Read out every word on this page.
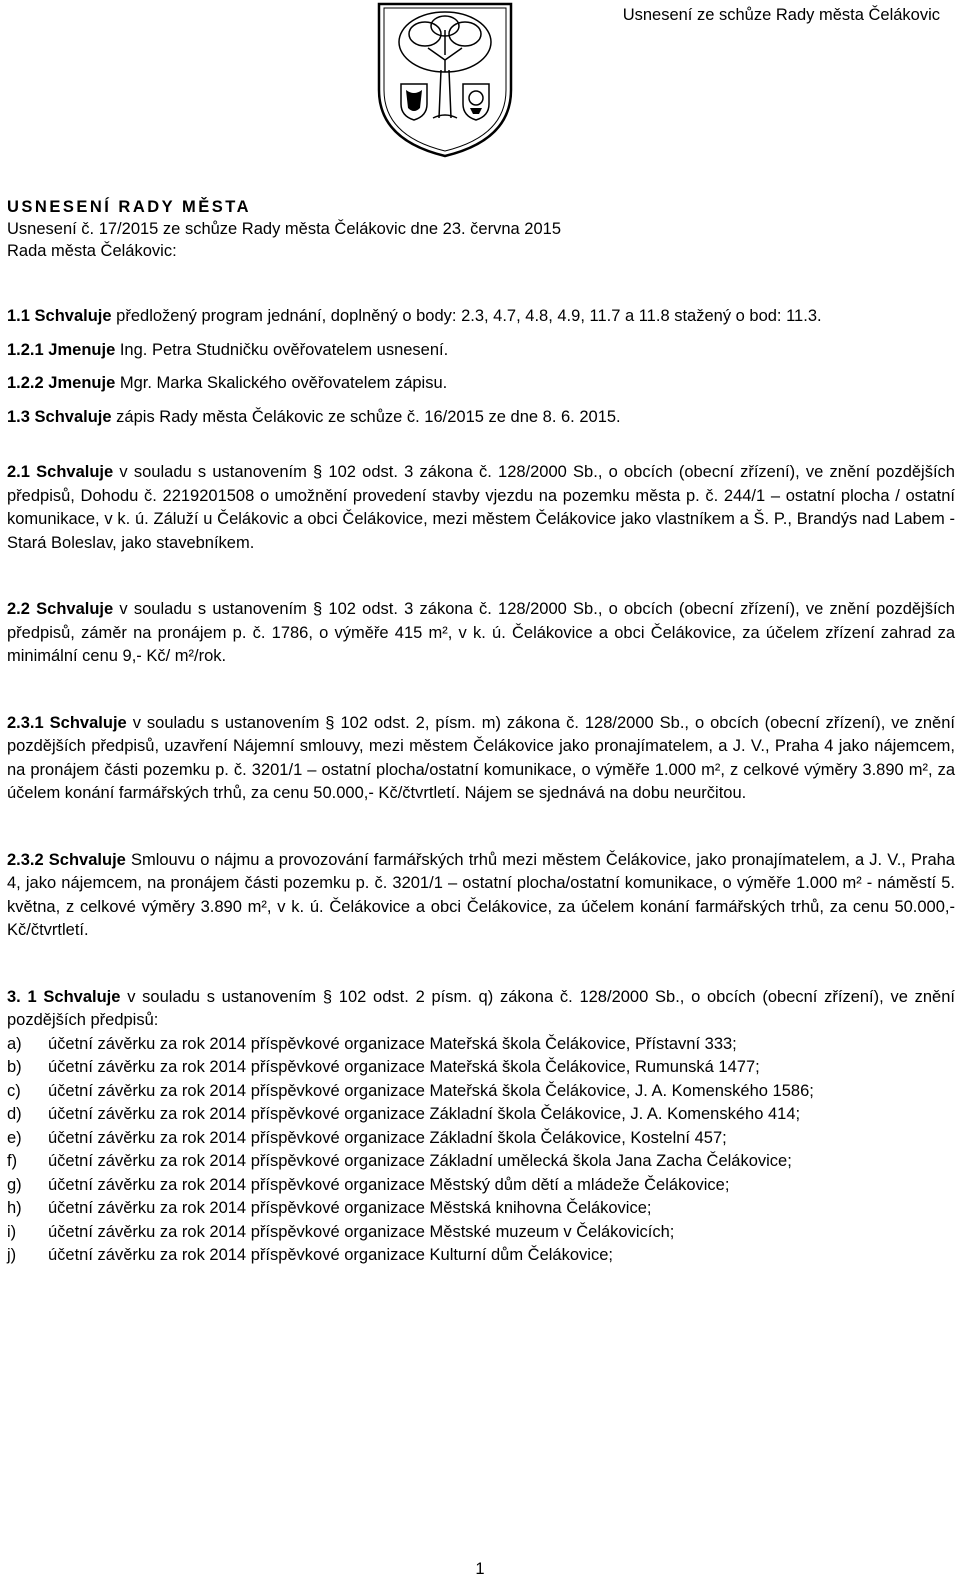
Usnesení ze schůze Rady města Čelákovic
USNESENÍ RADY MĚSTA
Usnesení č. 17/2015 ze schůze Rady města Čelákovic dne 23. června 2015
Rada města Čelákovic:

1.1 Schvaluje předložený program jednání, doplněný o body: 2.3, 4.7, 4.8, 4.9, 11.7 a 11.8 stažený o bod: 11.3.

1.2.1 Jmenuje Ing. Petra Studničku ověřovatelem usnesení.

1.2.2 Jmenuje Mgr. Marka Skalického ověřovatelem zápisu.

1.3 Schvaluje zápis Rady města Čelákovic ze schůze č. 16/2015 ze dne 8. 6. 2015.

2.1 Schvaluje v souladu s ustanovením § 102 odst. 3 zákona č. 128/2000 Sb., o obcích (obecní zřízení), ve znění pozdějších předpisů, Dohodu č. 2219201508 o umožnění provedení stavby vjezdu na pozemku města p. č. 244/1 – ostatní plocha / ostatní komunikace, v k. ú. Záluží u Čelákovic a obci Čelákovice, mezi městem Čelákovice jako vlastníkem a Š. P., Brandýs nad Labem - Stará Boleslav, jako stavebníkem.

2.2 Schvaluje v souladu s ustanovením § 102 odst. 3 zákona č. 128/2000 Sb., o obcích (obecní zřízení), ve znění pozdějších předpisů, záměr na pronájem p. č. 1786, o výměře 415 m², v k. ú. Čelákovice a obci Čelákovice, za účelem zřízení zahrad za minimální cenu 9,- Kč/ m²/rok.

2.3.1 Schvaluje v souladu s ustanovením § 102 odst. 2, písm. m) zákona č. 128/2000 Sb., o obcích (obecní zřízení), ve znění pozdějších předpisů, uzavření Nájemní smlouvy, mezi městem Čelákovice jako pronajímatelem, a J. V., Praha 4 jako nájemcem, na pronájem části pozemku p. č. 3201/1 – ostatní plocha/ostatní komunikace, o výměře 1.000 m², z celkové výměry 3.890 m², za účelem konání farmářských trhů, za cenu 50.000,- Kč/čtvrtletí. Nájem se sjednává na dobu neurčitou.

2.3.2 Schvaluje Smlouvu o nájmu a provozování farmářských trhů mezi městem Čelákovice, jako pronajímatelem, a J. V., Praha 4, jako nájemcem, na pronájem části pozemku p. č. 3201/1 – ostatní plocha/ostatní komunikace, o výměře 1.000 m² - náměstí 5. května, z celkové výměry 3.890 m², v k. ú. Čelákovice a obci Čelákovice, za účelem konání farmářských trhů, za cenu 50.000,- Kč/čtvrtletí.

3. 1 Schvaluje v souladu s ustanovením § 102 odst. 2 písm. q) zákona č. 128/2000 Sb., o obcích (obecní zřízení), ve znění pozdějších předpisů:

a) účetní závěrku za rok 2014 příspěvkové organizace Mateřská škola Čelákovice, Přístavní 333;
b) účetní závěrku za rok 2014 příspěvkové organizace Mateřská škola Čelákovice, Rumunská 1477;
c) účetní závěrku za rok 2014 příspěvkové organizace Mateřská škola Čelákovice, J. A. Komenského 1586;
d) účetní závěrku za rok 2014 příspěvkové organizace Základní škola Čelákovice, J. A. Komenského 414;
e) účetní závěrku za rok 2014 příspěvkové organizace Základní škola Čelákovice, Kostelní 457;
f) účetní závěrku za rok 2014 příspěvkové organizace Základní umělecká škola Jana Zacha Čelákovice;
g) účetní závěrku za rok 2014 příspěvkové organizace Městský dům dětí a mládeže Čelákovice;
h) účetní závěrku za rok 2014 příspěvkové organizace Městská knihovna Čelákovice;
i) účetní závěrku za rok 2014 příspěvkové organizace Městské muzeum v Čelákovicích;
j) účetní závěrku za rok 2014 příspěvkové organizace Kulturní dům Čelákovice;
1
